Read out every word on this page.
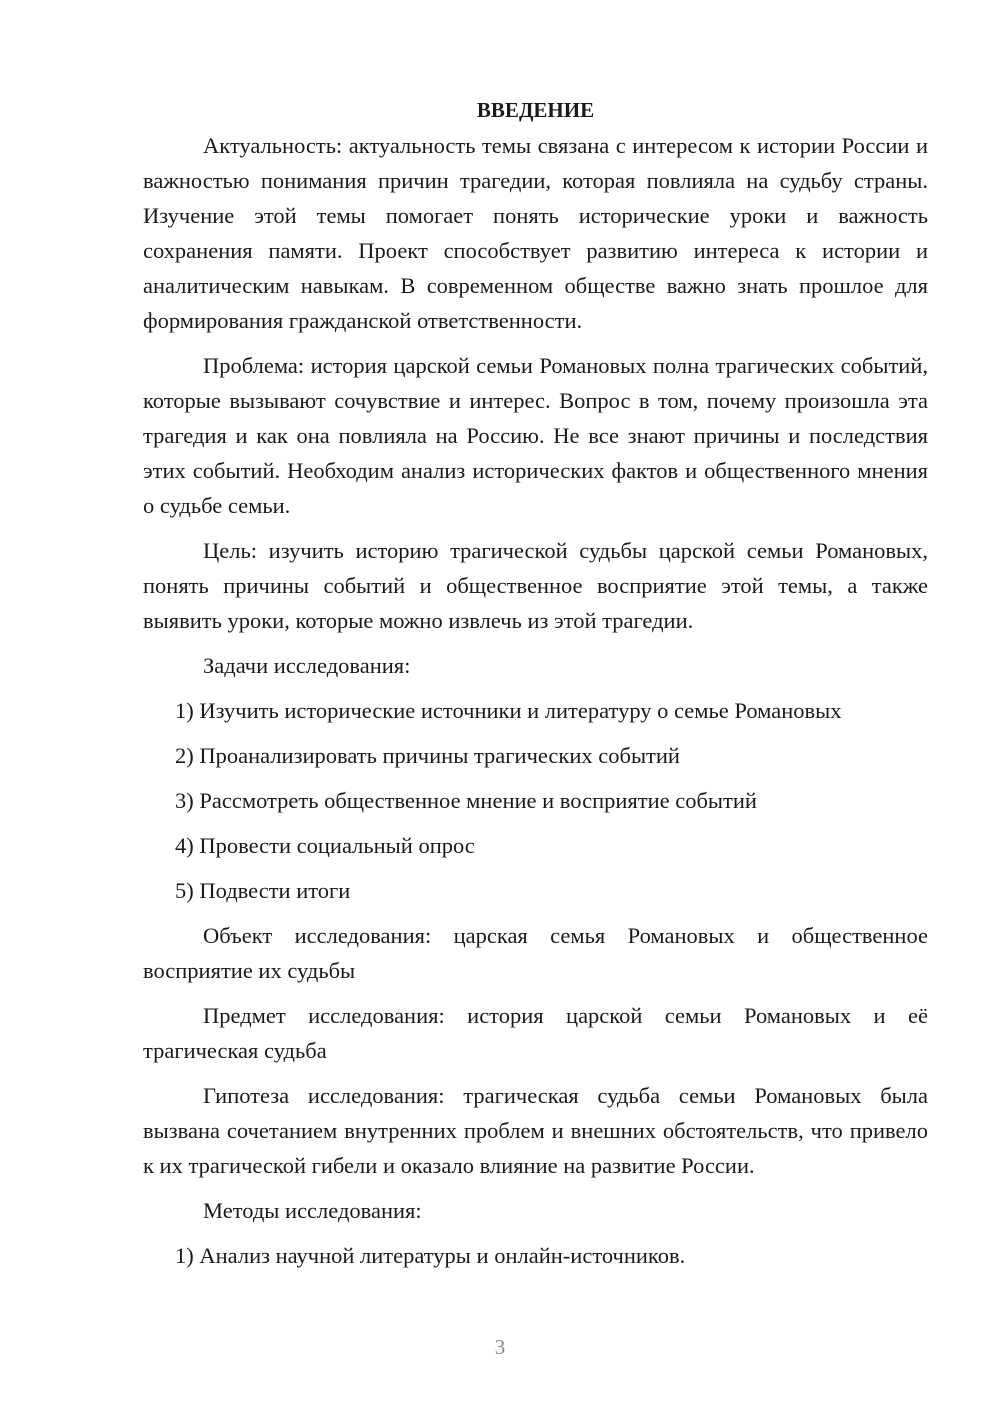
ВВЕДЕНИЕ

Актуальность: актуальность темы связана с интересом к истории России и важностью понимания причин трагедии, которая повлияла на судьбу страны. Изучение этой темы помогает понять исторические уроки и важность сохранения памяти. Проект способствует развитию интереса к истории и аналитическим навыкам. В современном обществе важно знать прошлое для формирования гражданской ответственности.

Проблема: история царской семьи Романовых полна трагических событий, которые вызывают сочувствие и интерес. Вопрос в том, почему произошла эта трагедия и как она повлияла на Россию. Не все знают причины и последствия этих событий. Необходим анализ исторических фактов и общественного мнения о судьбе семьи.

Цель: изучить историю трагической судьбы царской семьи Романовых, понять причины событий и общественное восприятие этой темы, а также выявить уроки, которые можно извлечь из этой трагедии.

Задачи исследования:

1) Изучить исторические источники и литературу о семье Романовых

2) Проанализировать причины трагических событий

3) Рассмотреть общественное мнение и восприятие событий

4) Провести социальный опрос

5) Подвести итоги

Объект исследования: царская семья Романовых и общественное восприятие их судьбы

Предмет исследования: история царской семьи Романовых и её трагическая судьба

Гипотеза исследования: трагическая судьба семьи Романовых была вызвана сочетанием внутренних проблем и внешних обстоятельств, что привело к их трагической гибели и оказало влияние на развитие России.

Методы исследования:

1) Анализ научной литературы и онлайн-источников.

3
